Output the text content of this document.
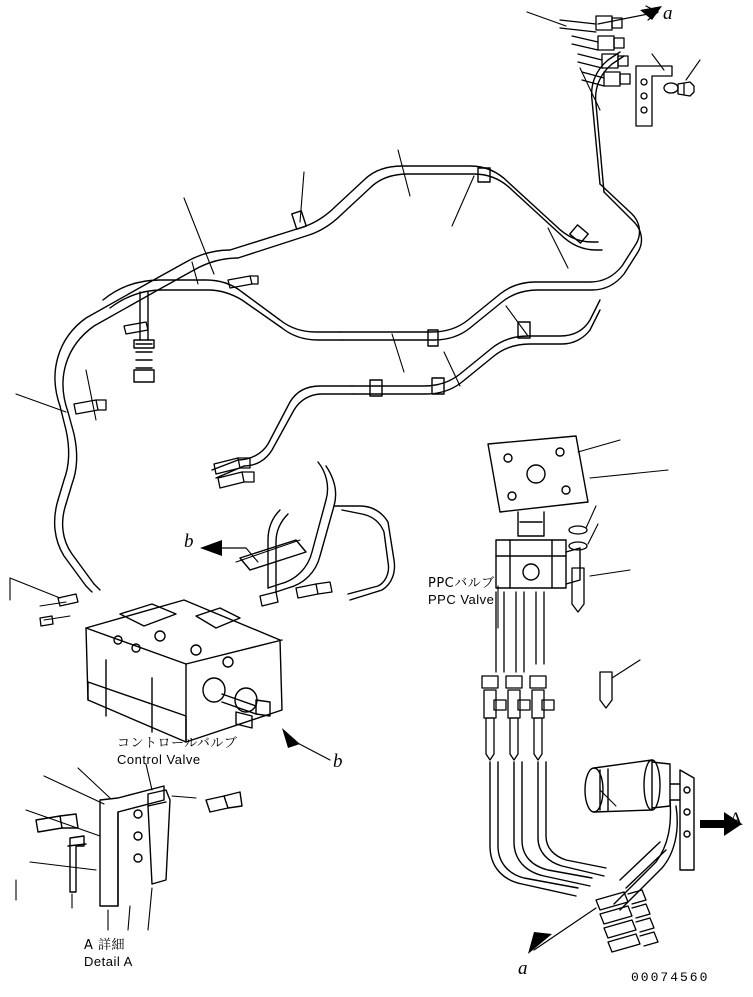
PPCバルブ
PPC Valve
コントロールバルブ
Control Valve
A 詳細
Detail A
a
b
b
a
A
00074560
